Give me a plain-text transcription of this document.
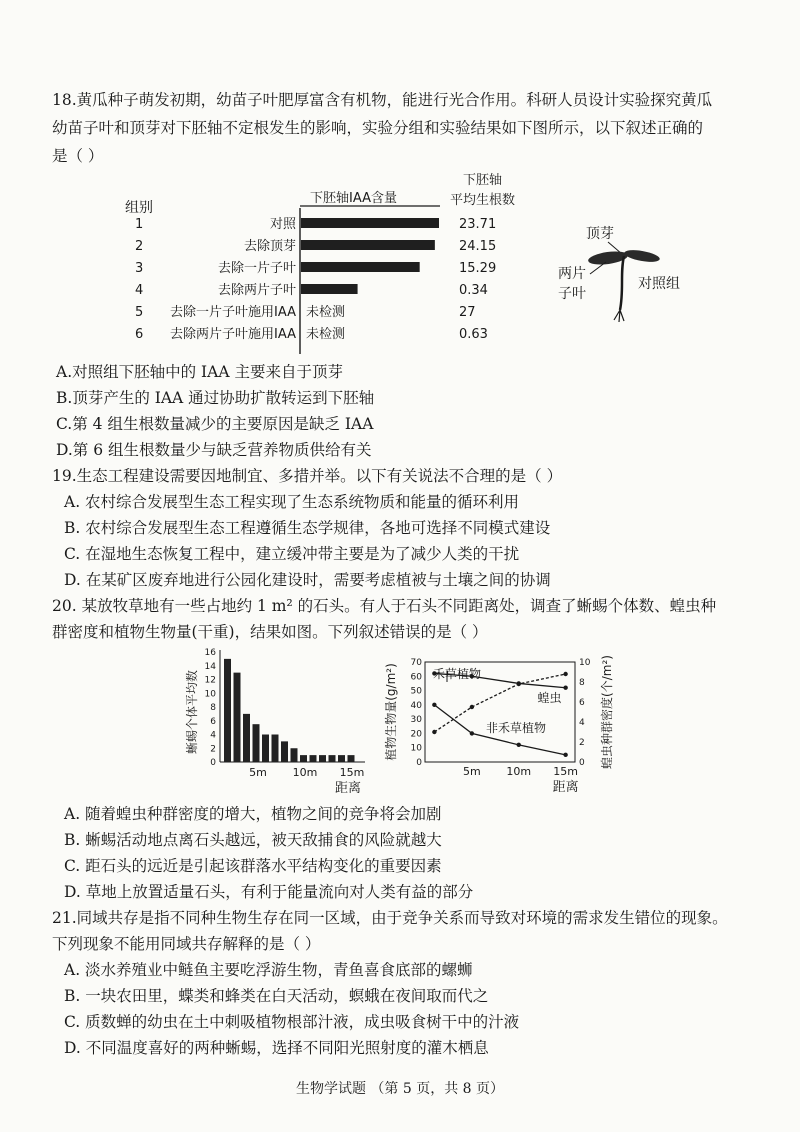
18.黄瓜种子萌发初期，幼苗子叶肥厚富含有机物，能进行光合作用。科研人员设计实验探究黄瓜
幼苗子叶和顶芽对下胚轴不定根发生的影响，实验分组和实验结果如下图所示，以下叙述正确的
是（ ）
组别
下胚轴IAA含量
下胚轴
平均生根数
1	对照	23.71
2	去除顶芽	24.15
3	去除一片子叶	15.29
4	去除两片子叶	0.34
5 去除一片子叶施用IAA 未检测	27
6 去除两片子叶施用IAA 未检测	0.63
顶芽
两片
子叶
对照组
A.对照组下胚轴中的 IAA 主要来自于顶芽
B.顶芽产生的 IAA 通过协助扩散转运到下胚轴
C.第 4 组生根数量减少的主要原因是缺乏 IAA
D.第 6 组生根数量少与缺乏营养物质供给有关
19.生态工程建设需要因地制宜、多措并举。以下有关说法不合理的是（ ）
A. 农村综合发展型生态工程实现了生态系统物质和能量的循环利用
B. 农村综合发展型生态工程遵循生态学规律，各地可选择不同模式建设
C. 在湿地生态恢复工程中，建立缓冲带主要是为了减少人类的干扰
D. 在某矿区废弃地进行公园化建设时，需要考虑植被与土壤之间的协调
20. 某放牧草地有一些占地约 1 m² 的石头。有人于石头不同距离处，调查了蜥蜴个体数、蝗虫种
群密度和植物生物量(干重)，结果如图。下列叙述错误的是（ ）
0
2
4
6
8
10
12
14
16
5m 10m 15m
距离
蜥蜴个体平均数
0
10
20
30
40
50
60
70
0
2
4
6
8
10
5m 10m 15m
距离
植物生物量(g/m²)	蝗虫种群密度(个/m²)
禾草植物
蝗虫
非禾草植物
A. 随着蝗虫种群密度的增大，植物之间的竞争将会加剧
B. 蜥蜴活动地点离石头越远，被天敌捕食的风险就越大
C. 距石头的远近是引起该群落水平结构变化的重要因素
D. 草地上放置适量石头，有利于能量流向对人类有益的部分
21.同域共存是指不同种生物生存在同一区域，由于竞争关系而导致对环境的需求发生错位的现象。
下列现象不能用同域共存解释的是（ ）
A. 淡水养殖业中鲢鱼主要吃浮游生物，青鱼喜食底部的螺蛳
B. 一块农田里，蝶类和蜂类在白天活动，螟蛾在夜间取而代之
C. 质数蝉的幼虫在土中刺吸植物根部汁液，成虫吸食树干中的汁液
D. 不同温度喜好的两种蜥蜴，选择不同阳光照射度的灌木栖息
生物学试题 （第 5 页，共 8 页）
